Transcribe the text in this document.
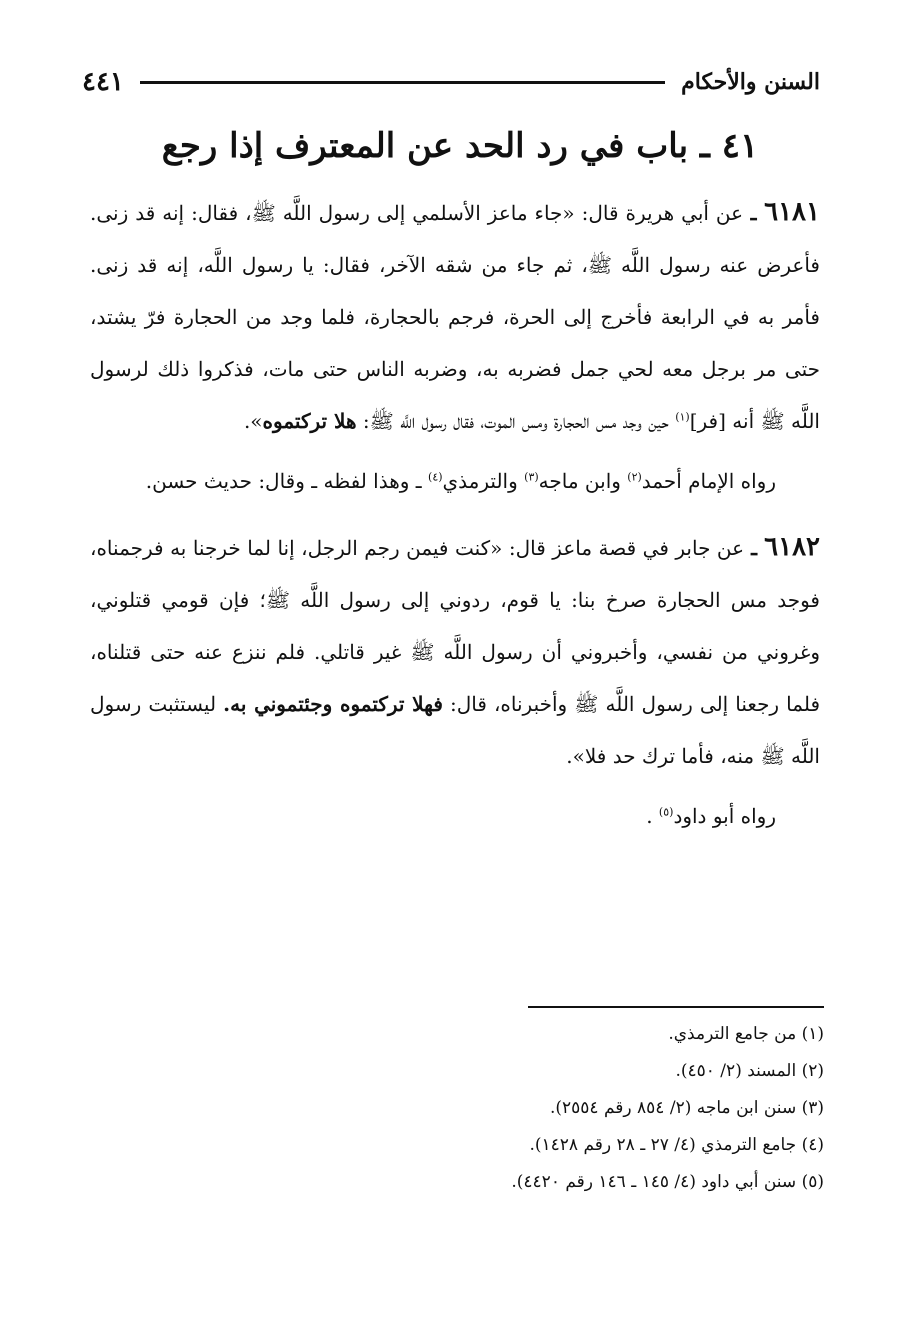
السنن والأحكام
٤٤١
٤١ ـ باب في رد الحد عن المعترف إذا رجع

٦١٨١ ـ عن أبي هريرة قال: «جاء ماعز الأسلمي إلى رسول اللَّه ﷺ، فقال: إنه قد زنى. فأعرض عنه رسول اللَّه ﷺ، ثم جاء من شقه الآخر، فقال: يا رسول اللَّه، إنه قد زنى. فأمر به في الرابعة فأخرج إلى الحرة، فرجم بالحجارة، فلما وجد من الحجارة فرّ يشتد، حتى مر برجل معه لحي جمل فضربه به، وضربه الناس حتى مات، فذكروا ذلك لرسول اللَّه ﷺ أنه [فر]$^{(١)}$ حين وجد مس الحجارة ومس الموت، فقال رسول اللَّه ﷺ: هلا تركتموه».

رواه الإمام أحمد$^{(٢)}$ وابن ماجه$^{(٣)}$ والترمذي$^{(٤)}$ ـ وهذا لفظه ـ وقال: حديث حسن.

٦١٨٢ ـ عن جابر في قصة ماعز قال: «كنت فيمن رجم الرجل، إنا لما خرجنا به فرجمناه، فوجد مس الحجارة صرخ بنا: يا قوم، ردوني إلى رسول اللَّه ﷺ؛ فإن قومي قتلوني، وغروني من نفسي، وأخبروني أن رسول اللَّه ﷺ غير قاتلي. فلم ننزع عنه حتى قتلناه، فلما رجعنا إلى رسول اللَّه ﷺ وأخبرناه، قال: فهلا تركتموه وجئتموني به. ليستثبت رسول اللَّه ﷺ منه، فأما ترك حد فلا».

رواه أبو داود$^{(٥)}$ .

(١) من جامع الترمذي.

(٢) المسند (٢/ ٤٥٠).

(٣) سنن ابن ماجه (٢/ ٨٥٤ رقم ٢٥٥٤).

(٤) جامع الترمذي (٤/ ٢٧ ـ ٢٨ رقم ١٤٢٨).

(٥) سنن أبي داود (٤/ ١٤٥ ـ ١٤٦ رقم ٤٤٢٠).
